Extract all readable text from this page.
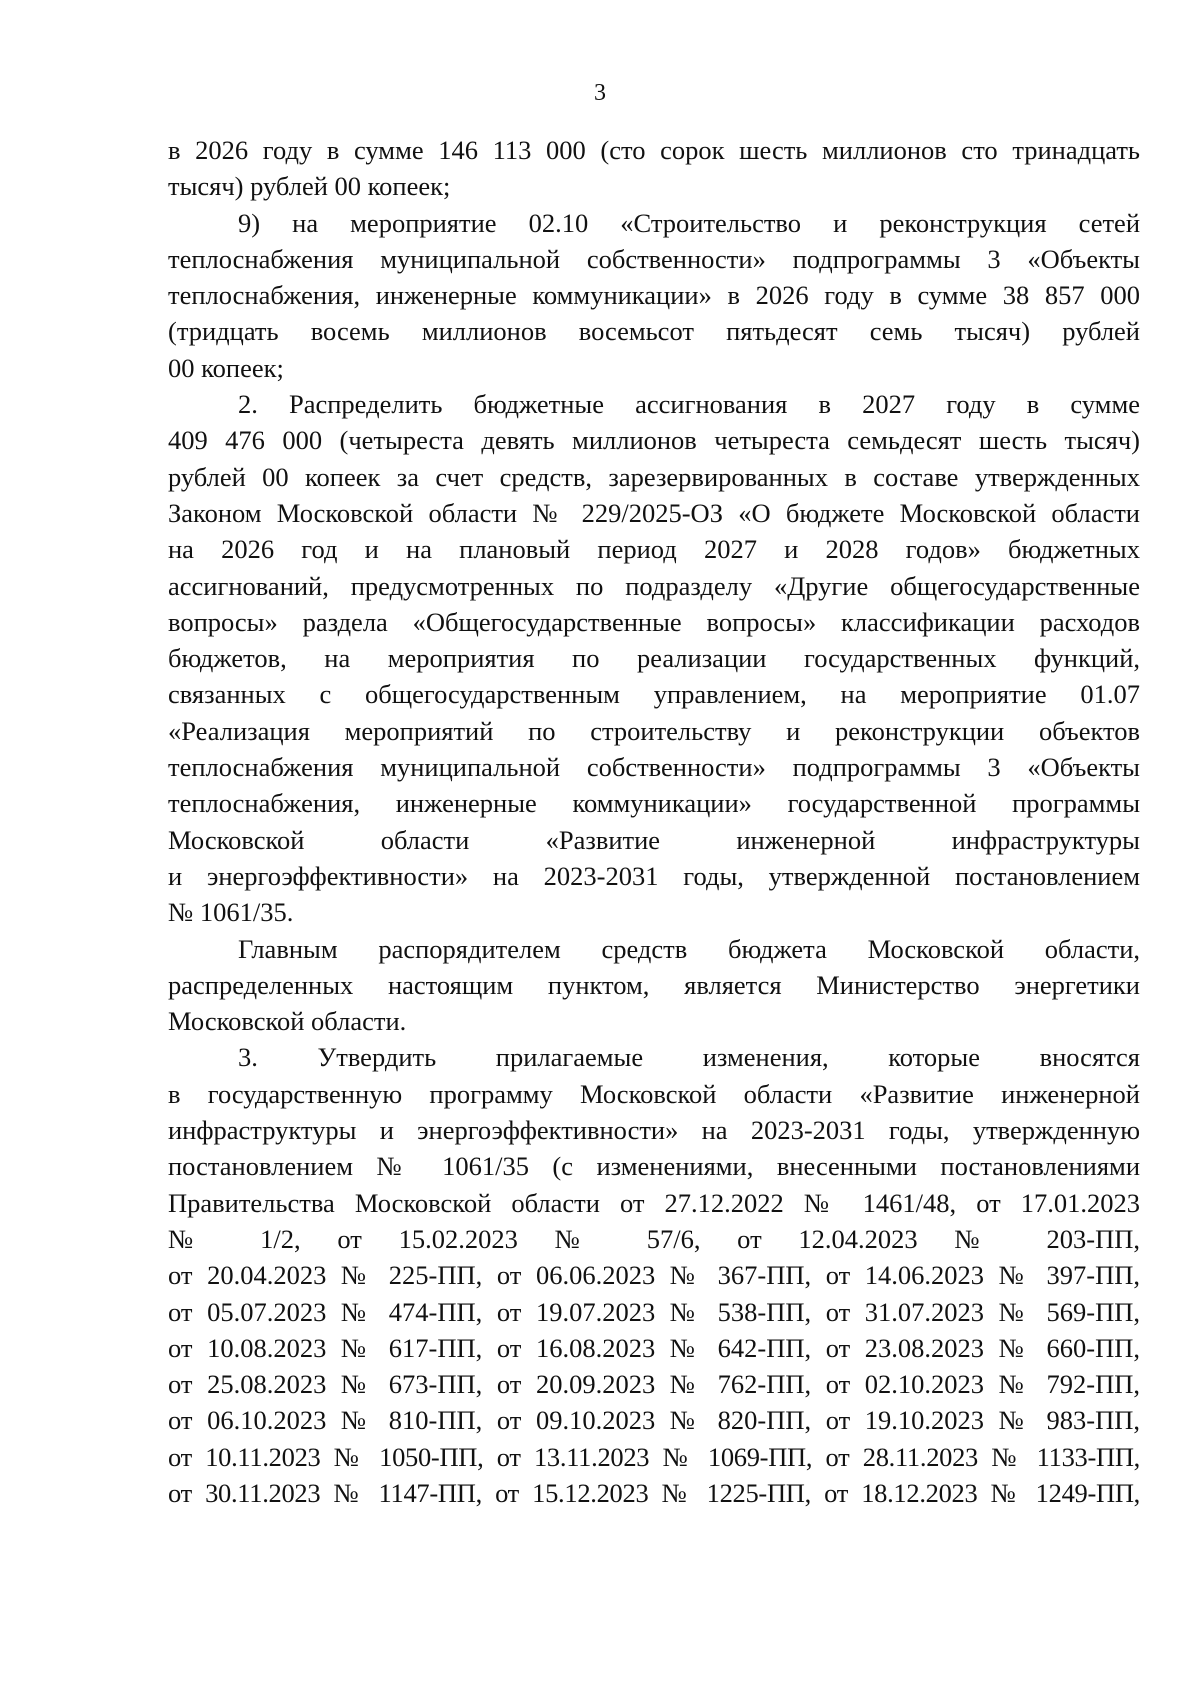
3
в 2026 году в сумме 146 113 000 (сто сорок шесть миллионов сто тринадцать
тысяч) рублей 00 копеек;
9) на мероприятие 02.10 «Строительство и реконструкция сетей
теплоснабжения муниципальной собственности» подпрограммы 3 «Объекты
теплоснабжения, инженерные коммуникации» в 2026 году в сумме 38 857 000
(тридцать восемь миллионов восемьсот пятьдесят семь тысяч) рублей
00 копеек;
2. Распределить бюджетные ассигнования в 2027 году в сумме
409 476 000 (четыреста девять миллионов четыреста семьдесят шесть тысяч)
рублей 00 копеек за счет средств, зарезервированных в составе утвержденных
Законом Московской области № 229/2025-ОЗ «О бюджете Московской области
на 2026 год и на плановый период 2027 и 2028 годов» бюджетных
ассигнований, предусмотренных по подразделу «Другие общегосударственные
вопросы» раздела «Общегосударственные вопросы» классификации расходов
бюджетов, на мероприятия по реализации государственных функций,
связанных с общегосударственным управлением, на мероприятие 01.07
«Реализация мероприятий по строительству и реконструкции объектов
теплоснабжения муниципальной собственности» подпрограммы 3 «Объекты
теплоснабжения, инженерные коммуникации» государственной программы
Московской области «Развитие инженерной инфраструктуры
и энергоэффективности» на 2023-2031 годы, утвержденной постановлением
№ 1061/35.
Главным распорядителем средств бюджета Московской области,
распределенных настоящим пунктом, является Министерство энергетики
Московской области.
3. Утвердить прилагаемые изменения, которые вносятся
в государственную программу Московской области «Развитие инженерной
инфраструктуры и энергоэффективности» на 2023-2031 годы, утвержденную
постановлением № 1061/35 (с изменениями, внесенными постановлениями
Правительства Московской области от 27.12.2022 № 1461/48, от 17.01.2023
№ 1/2, от 15.02.2023 № 57/6, от 12.04.2023 № 203-ПП,
от 20.04.2023 № 225-ПП, от 06.06.2023 № 367-ПП, от 14.06.2023 № 397-ПП,
от 05.07.2023 № 474-ПП, от 19.07.2023 № 538-ПП, от 31.07.2023 № 569-ПП,
от 10.08.2023 № 617-ПП, от 16.08.2023 № 642-ПП, от 23.08.2023 № 660-ПП,
от 25.08.2023 № 673-ПП, от 20.09.2023 № 762-ПП, от 02.10.2023 № 792-ПП,
от 06.10.2023 № 810-ПП, от 09.10.2023 № 820-ПП, от 19.10.2023 № 983-ПП,
от 10.11.2023 № 1050-ПП, от 13.11.2023 № 1069-ПП, от 28.11.2023 № 1133-ПП,
от 30.11.2023 № 1147-ПП, от 15.12.2023 № 1225-ПП, от 18.12.2023 № 1249-ПП,
